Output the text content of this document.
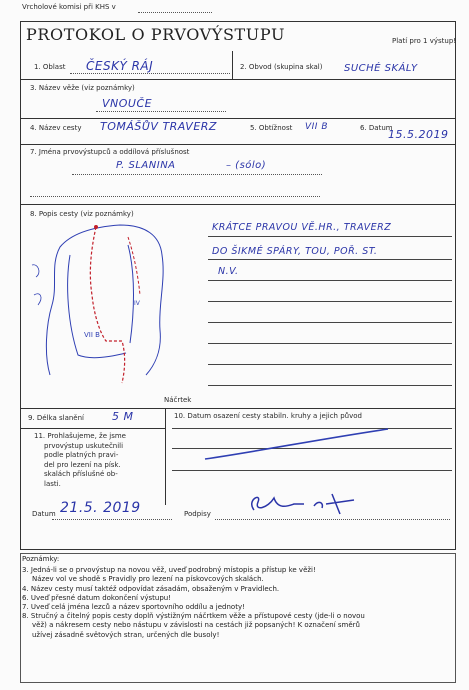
Vrcholové komisi při KHS v
PROTOKOL O PRVOVÝSTUPU	Platí pro 1 výstup!
1. Oblast ČESKÝ RÁJ	2. Obvod (skupina skal) SUCHÉ SKÁLY
3. Název věže (viz poznámky)
VNOUČE
4. Název cesty TOMÁŠŮV TRAVERZ	5. Obtížnost VII B	6. Datum
15.5.2019
7. Jména prvovýstupců a oddílová příslušnost
P. SLANINA	– (sólo)
8. Popis cesty (viz poznámky)
KRÁTCE PRAVOU VĚ.HR., TRAVERZ
DO ŠIKMÉ SPÁRY, TOU, POŘ. ST.
N.V.
VII B
IV
Náčrtek
9. Délka slanění	5 M	10. Datum osazení cesty stabiln. kruhy a jejich původ
11. Prohlašujeme, že jsme
prvovýstup uskutečnili
podle platných pravi-
del pro lezení na písk.
skalách příslušné ob-
lasti.
Datum 21.5. 2019	Podpisy
Poznámky:
3. Jedná-li se o prvovýstup na novou věž, uveď podrobný místopis a přístup ke věži!
Název vol ve shodě s Pravidly pro lezení na pískovcových skalách.
4. Název cesty musí taktéž odpovídat zásadám, obsaženým v Pravidlech.
6. Uveď přesné datum dokončení výstupu!
7. Uveď celá jména lezců a název sportovního oddílu a jednoty!
8. Stručný a čitelný popis cesty doplň výstižným náčrtkem věže a přístupové cesty (jde-li o novou
věž) a nákresem cesty nebo nástupu v závislosti na cestách již popsaných! K označení směrů
užívej zásadně světových stran, určených dle busoly!
